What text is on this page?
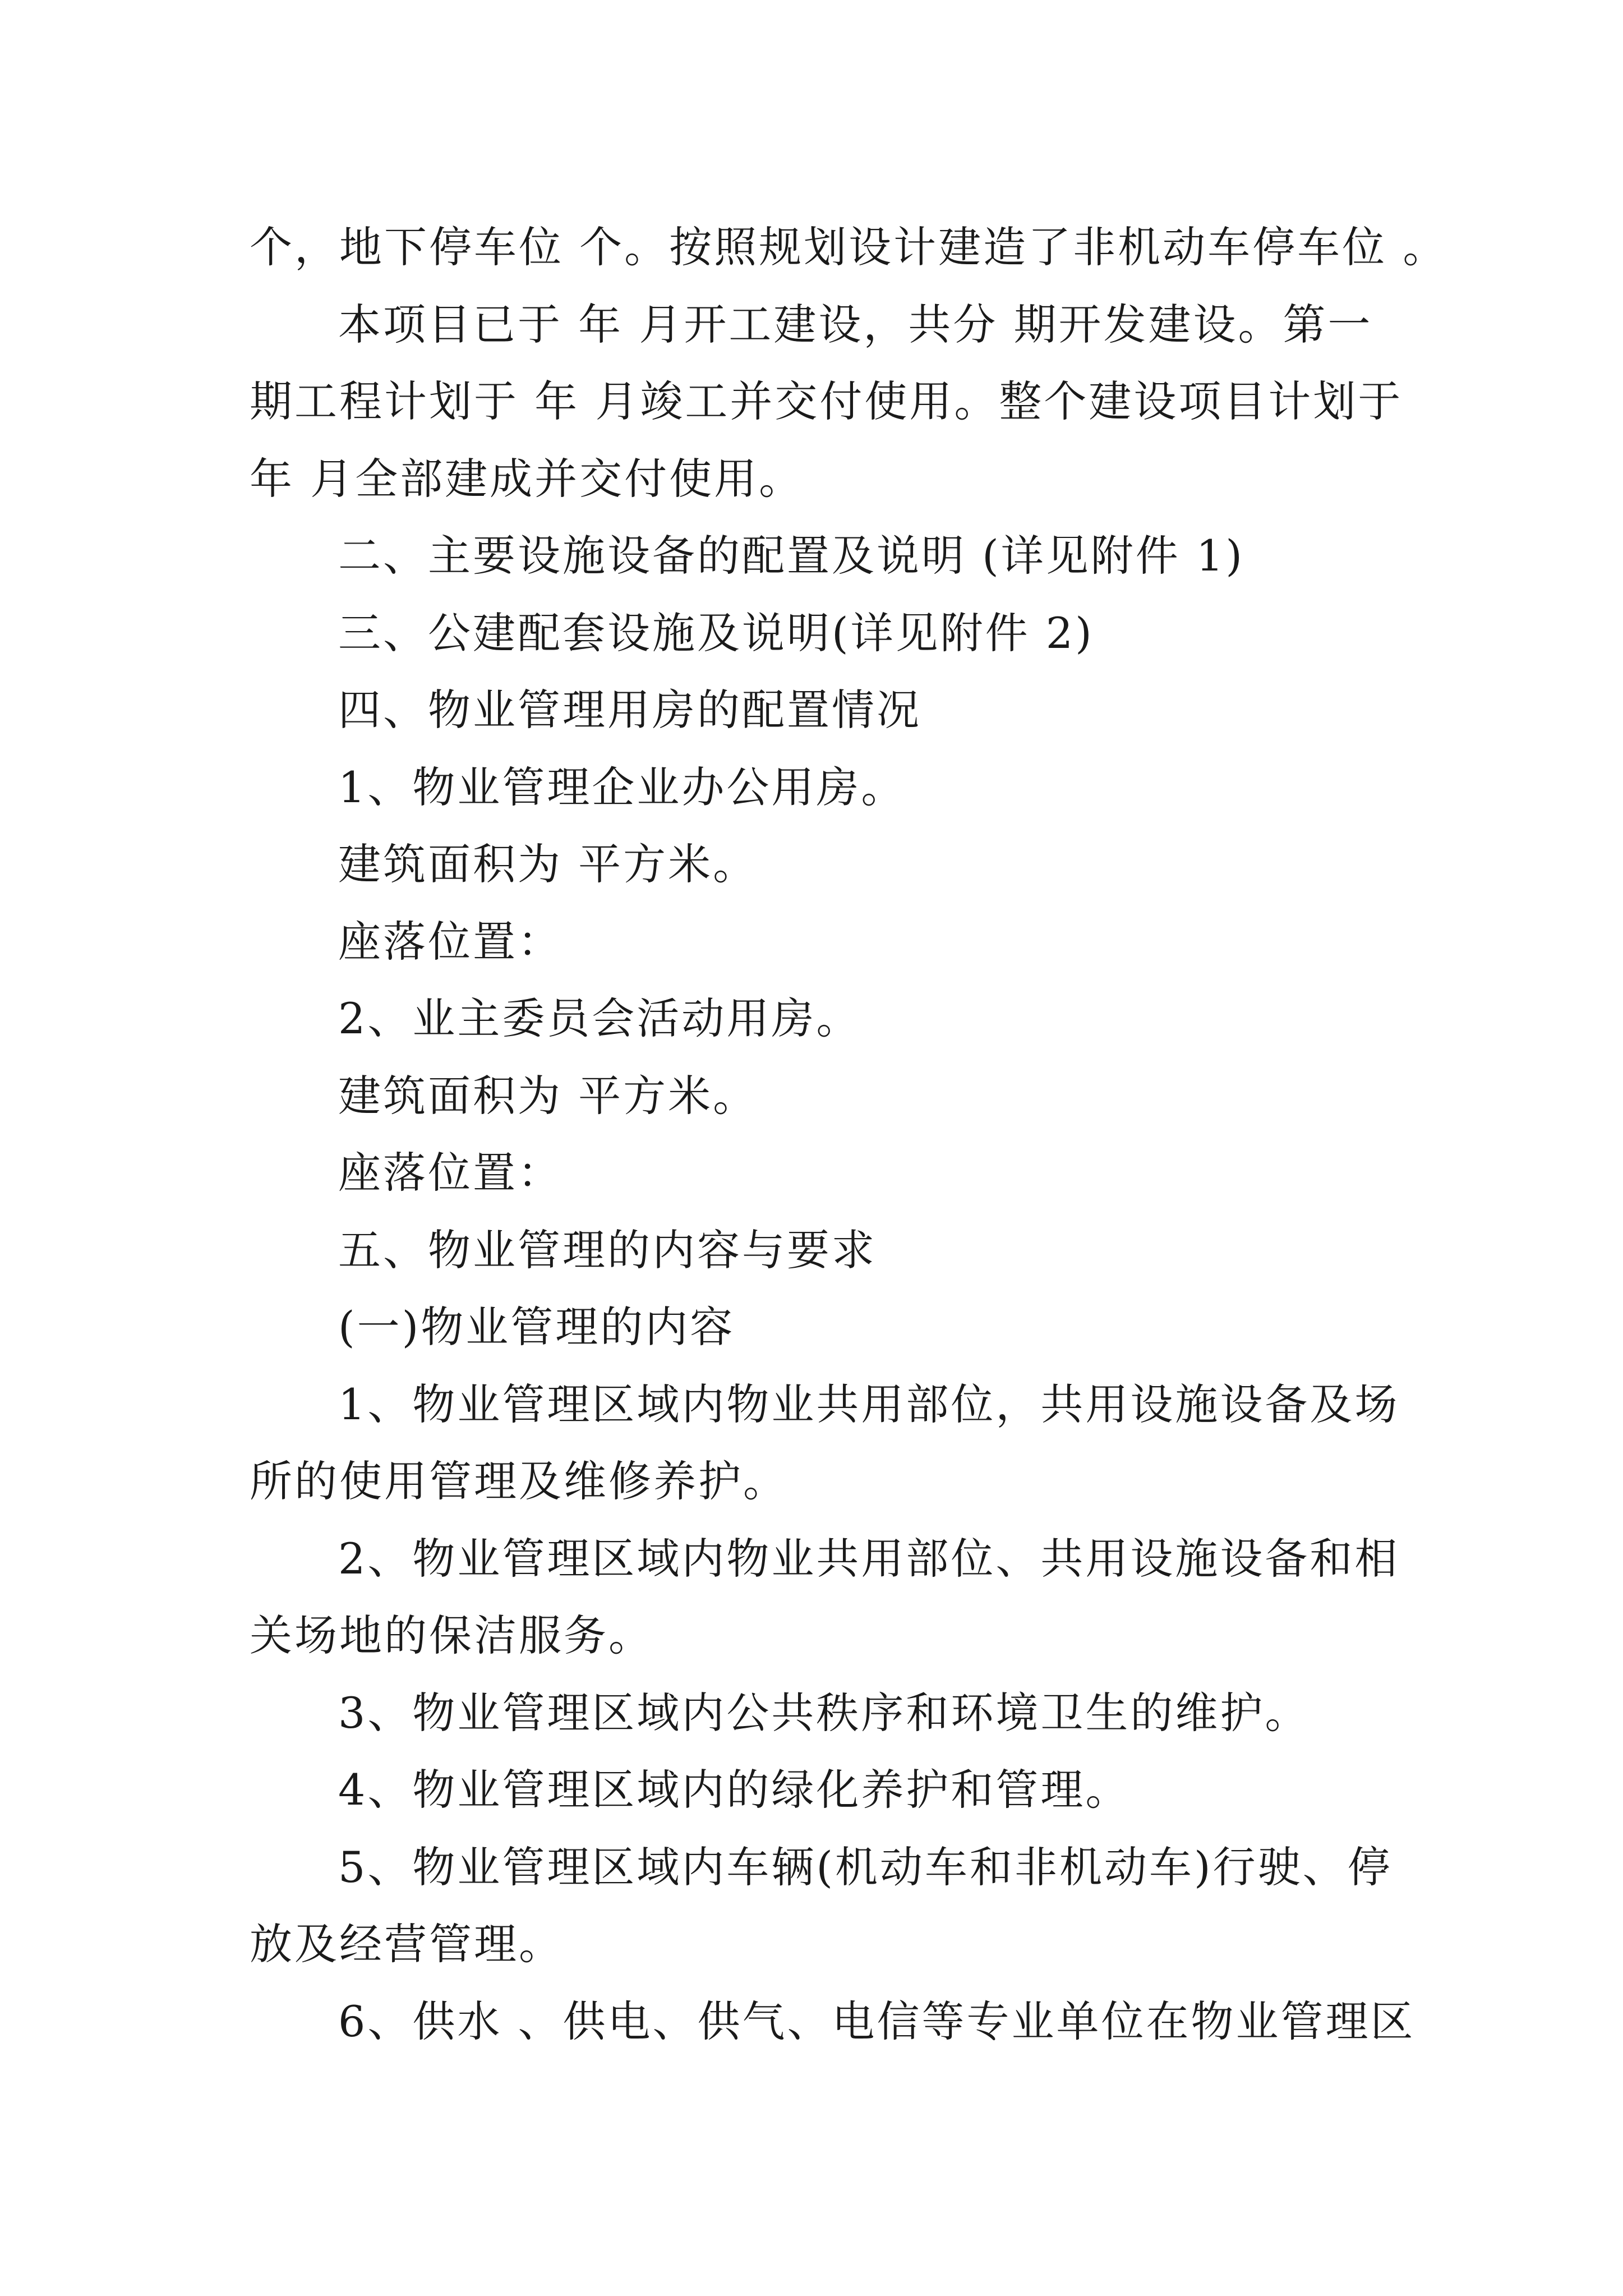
个，地下停车位 个。按照规划设计建造了非机动车停车位 。
本项目已于 年 月开工建设，共分 期开发建设。第一
期工程计划于 年 月竣工并交付使用。整个建设项目计划于
年 月全部建成并交付使用。
二、主要设施设备的配置及说明 (详见附件 1)
三、公建配套设施及说明(详见附件 2)
四、物业管理用房的配置情况
1、物业管理企业办公用房。
建筑面积为 平方米。
座落位置：
2、业主委员会活动用房。
建筑面积为 平方米。
座落位置：
五、物业管理的内容与要求
(一)物业管理的内容
1、物业管理区域内物业共用部位，共用设施设备及场
所的使用管理及维修养护。
2、物业管理区域内物业共用部位、共用设施设备和相
关场地的保洁服务。
3、物业管理区域内公共秩序和环境卫生的维护。
4、物业管理区域内的绿化养护和管理。
5、物业管理区域内车辆(机动车和非机动车)行驶、停
放及经营管理。
6、供水 、供电、供气、电信等专业单位在物业管理区
